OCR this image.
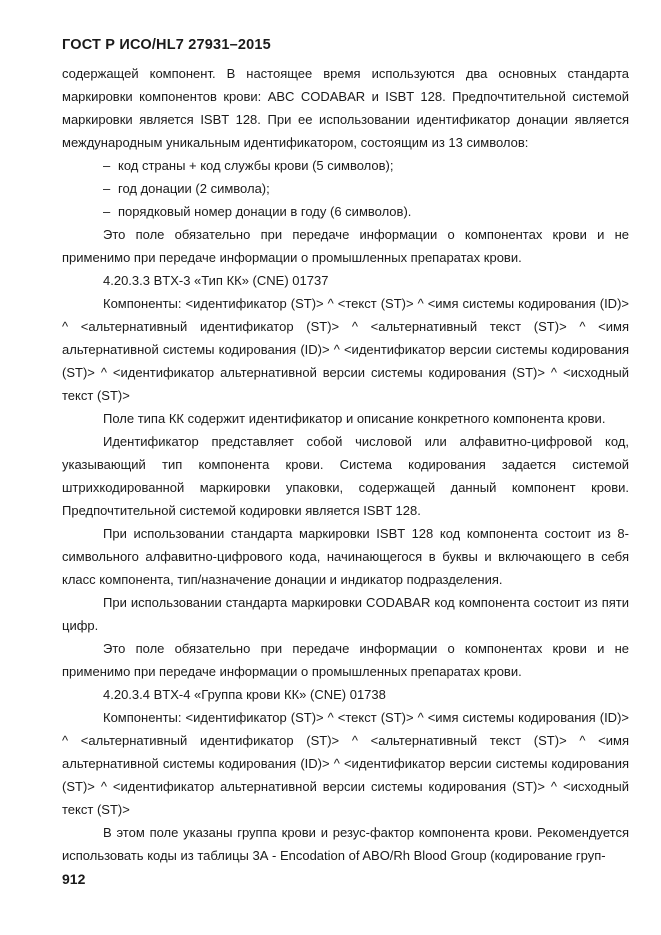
ГОСТ Р ИСО/HL7 27931–2015

содержащей компонент. В настоящее время используются два основных стандарта маркировки компонентов крови: ABC CODABAR и ISBT 128. Предпочтительной системой маркировки является ISBT 128. При ее использовании идентификатор донации является международным уникальным идентификатором, состоящим из 13 символов:

– код страны + код службы крови (5 символов);

– год донации (2 символа);

– порядковый номер донации в году (6 символов).

Это поле обязательно при передаче информации о компонентах крови и не применимо при передаче информации о промышленных препаратах крови.

4.20.3.3 BTX-3 «Тип КК» (CNE) 01737

Компоненты: <идентификатор (ST)> ^ <текст (ST)> ^ <имя системы кодирования (ID)> ^ <альтернативный идентификатор (ST)> ^ <альтернативный текст (ST)> ^ <имя альтернативной системы кодирования (ID)> ^ <идентификатор версии системы кодирования (ST)> ^ <идентификатор альтернативной версии системы кодирования (ST)> ^ <исходный текст (ST)>

Поле типа КК содержит идентификатор и описание конкретного компонента крови.

Идентификатор представляет собой числовой или алфавитно-цифровой код, указывающий тип компонента крови. Система кодирования задается системой штрихкодированной маркировки упаковки, содержащей данный компонент крови. Предпочтительной системой кодировки является ISBT 128.

При использовании стандарта маркировки ISBT 128 код компонента состоит из 8-символьного алфавитно-цифрового кода, начинающегося в буквы и включающего в себя класс компонента, тип/назначение донации и индикатор подразделения.

При использовании стандарта маркировки CODABAR код компонента состоит из пяти цифр.

Это поле обязательно при передаче информации о компонентах крови и не применимо при передаче информации о промышленных препаратах крови.

4.20.3.4 BTX-4 «Группа крови КК» (CNE) 01738

Компоненты: <идентификатор (ST)> ^ <текст (ST)> ^ <имя системы кодирования (ID)> ^ <альтернативный идентификатор (ST)> ^ <альтернативный текст (ST)> ^ <имя альтернативной системы кодирования (ID)> ^ <идентификатор версии системы кодирования (ST)> ^ <идентификатор альтернативной версии системы кодирования (ST)> ^ <исходный текст (ST)>

В этом поле указаны группа крови и резус-фактор компонента крови. Рекомендуется использовать коды из таблицы 3А - Encodation of ABO/Rh Blood Group (кодирование груп-

912
